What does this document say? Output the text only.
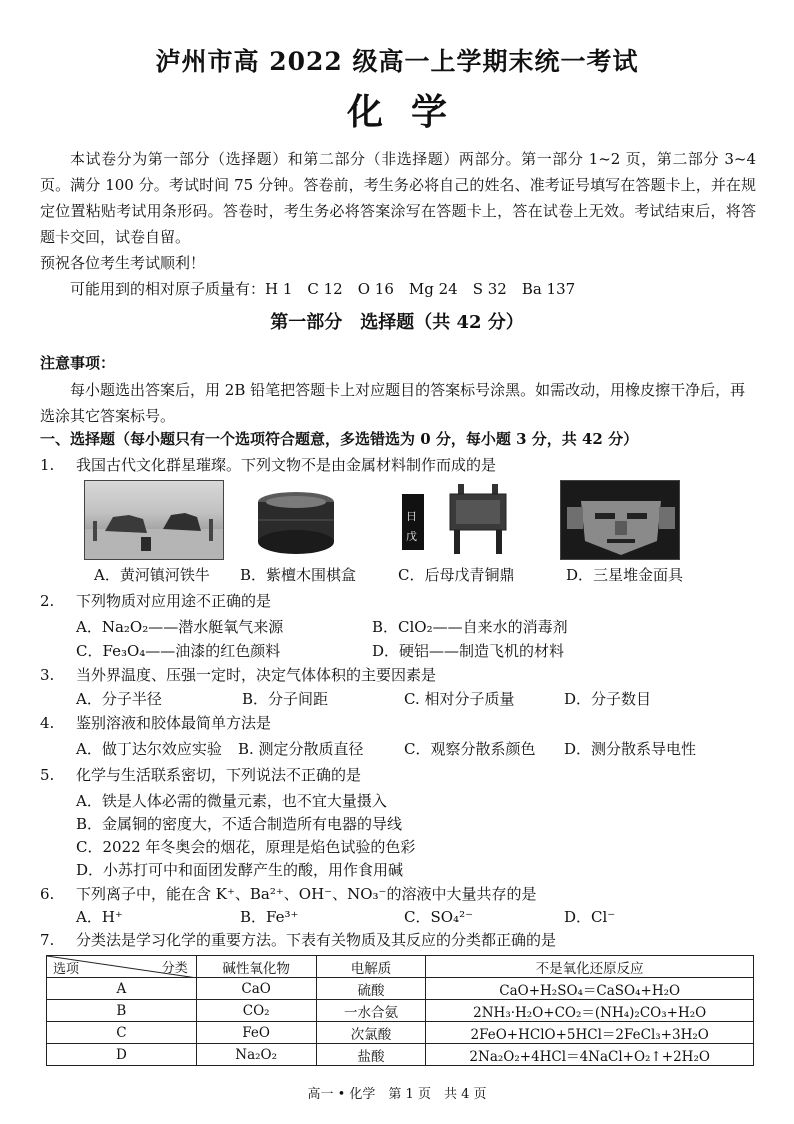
泸州市高 2022 级高一上学期末统一考试
化学

本试卷分为第一部分（选择题）和第二部分（非选择题）两部分。第一部分 1~2 页，第二部分 3~4 页。满分 100 分。考试时间 75 分钟。答卷前，考生务必将自己的姓名、准考证号填写在答题卡上，并在规定位置粘贴考试用条形码。答卷时，考生务必将答案涂写在答题卡上，答在试卷上无效。考试结束后，将答题卡交回，试卷自留。

预祝各位考生考试顺利！

可能用到的相对原子质量有：H 1　C 12　O 16　Mg 24　S 32　Ba 137

第一部分　选择题（共 42 分）
注意事项：
每小题选出答案后，用 2B 铅笔把答题卡上对应题目的答案标号涂黑。如需改动，用橡皮擦干净后，再选涂其它答案标号。
一、选择题（每小题只有一个选项符合题意，多选错选为 0 分，每小题 3 分，共 42 分）
1. 我国古代文化群星璀璨。下列文物不是由金属材料制作而成的是
日
戊
A．黄河镇河铁牛 B．紫檀木围棋盒	C．后母戊青铜鼎	D．三星堆金面具
2. 下列物质对应用途不正确的是
A．Na₂O₂——潜水艇氧气来源	B．ClO₂——自来水的消毒剂
C．Fe₃O₄——油漆的红色颜料	D．硬铝——制造飞机的材料
3. 当外界温度、压强一定时，决定气体体积的主要因素是
A．分子半径	B．分子间距	C. 相对分子质量	D．分子数目
4. 鉴别溶液和胶体最简单方法是
A．做丁达尔效应实验 B. 测定分散质直径	C．观察分散系颜色 D．测分散系导电性
5. 化学与生活联系密切，下列说法不正确的是
A．铁是人体必需的微量元素，也不宜大量摄入
B．金属铜的密度大，不适合制造所有电器的导线
C．2022 年冬奥会的烟花，原理是焰色试验的色彩
D．小苏打可中和面团发酵产生的酸，用作食用碱
6. 下列离子中，能在含 K⁺、Ba²⁺、OH⁻、NO₃⁻的溶液中大量共存的是
A．H⁺	B．Fe³⁺	C．SO₄²⁻	D．Cl⁻
7. 分类法是学习化学的重要方法。下表有关物质及其反应的分类都正确的是
分类
选项	碱性氧化物	电解质	不是氧化还原反应
A	CaO	硫酸	CaO+H₂SO₄＝CaSO₄+H₂O
B	CO₂	一水合氨	2NH₃·H₂O+CO₂＝(NH₄)₂CO₃+H₂O
C	FeO	次氯酸	2FeO+HClO+5HCl＝2FeCl₃+3H₂O
D	Na₂O₂	盐酸	2Na₂O₂+4HCl＝4NaCl+O₂↑+2H₂O
高一 • 化学　第 1 页　共 4 页
